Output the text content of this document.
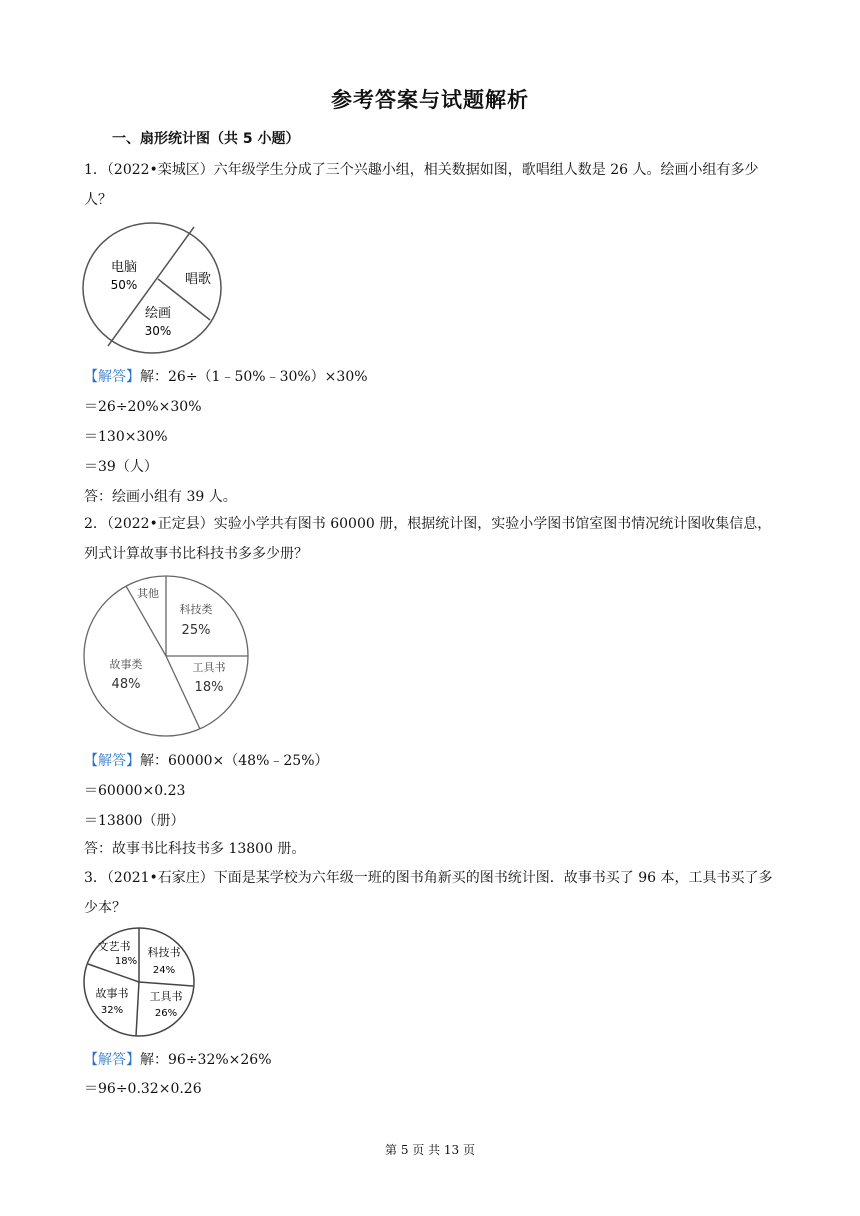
参考答案与试题解析
一、扇形统计图（共 5 小题）
1．（2022•栾城区）六年级学生分成了三个兴趣小组，相关数据如图，歌唱组人数是 26 人。绘画小组有多少人？
电脑
50%	唱歌
绘画
30%
【解答】解：26÷（1﹣50%﹣30%）×30%
＝26÷20%×30%
＝130×30%
＝39（人）
答：绘画小组有 39 人。
2．（2022•正定县）实验小学共有图书 60000 册，根据统计图，实验小学图书馆室图书情况统计图收集信息，列式计算故事书比科技书多多少册？
其他
科技类
25%
工具书
18%
故事类
48%
【解答】解：60000×（48%﹣25%）
＝60000×0.23
＝13800（册）
答：故事书比科技书多 13800 册。
3．（2021•石家庄）下面是某学校为六年级一班的图书角新买的图书统计图．故事书买了 96 本，工具书买了多少本？
文艺书
18%
科技书
24%
故事书
32%
工具书
26%
【解答】解：96÷32%×26%
＝96÷0.32×0.26
第 5 页 共 13 页
